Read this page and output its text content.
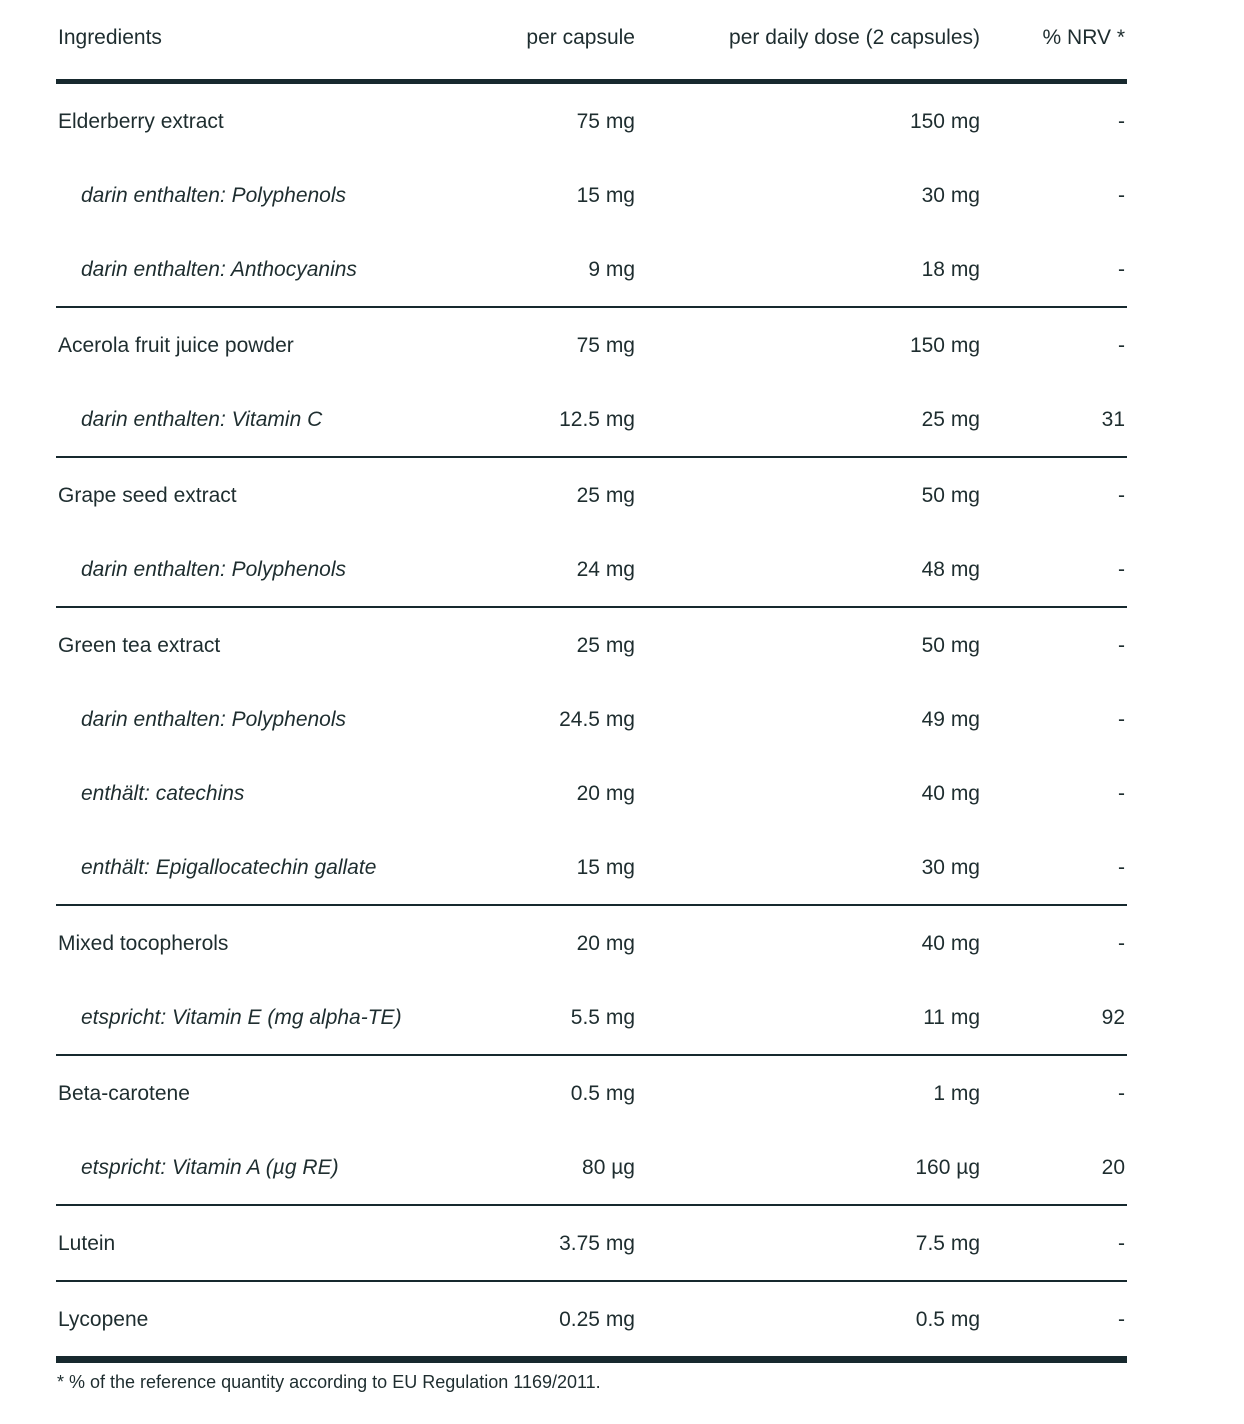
Ingredients	per capsule	per daily dose (2 capsules)	% NRV *
Elderberry extract	75 mg	150 mg	-
darin enthalten: Polyphenols	15 mg	30 mg	-
darin enthalten: Anthocyanins	9 mg	18 mg	-
Acerola fruit juice powder	75 mg	150 mg	-
darin enthalten: Vitamin C	12.5 mg	25 mg	31
Grape seed extract	25 mg	50 mg	-
darin enthalten: Polyphenols	24 mg	48 mg	-
Green tea extract	25 mg	50 mg	-
darin enthalten: Polyphenols	24.5 mg	49 mg	-
enthält: catechins	20 mg	40 mg	-
enthält: Epigallocatechin gallate	15 mg	30 mg	-
Mixed tocopherols	20 mg	40 mg	-
etspricht: Vitamin E (mg alpha-TE)	5.5 mg	11 mg	92
Beta-carotene	0.5 mg	1 mg	-
etspricht: Vitamin A (µg RE)	80 µg	160 µg	20
Lutein	3.75 mg	7.5 mg	-
Lycopene	0.25 mg	0.5 mg	-
* % of the reference quantity according to EU Regulation 1169/2011.
